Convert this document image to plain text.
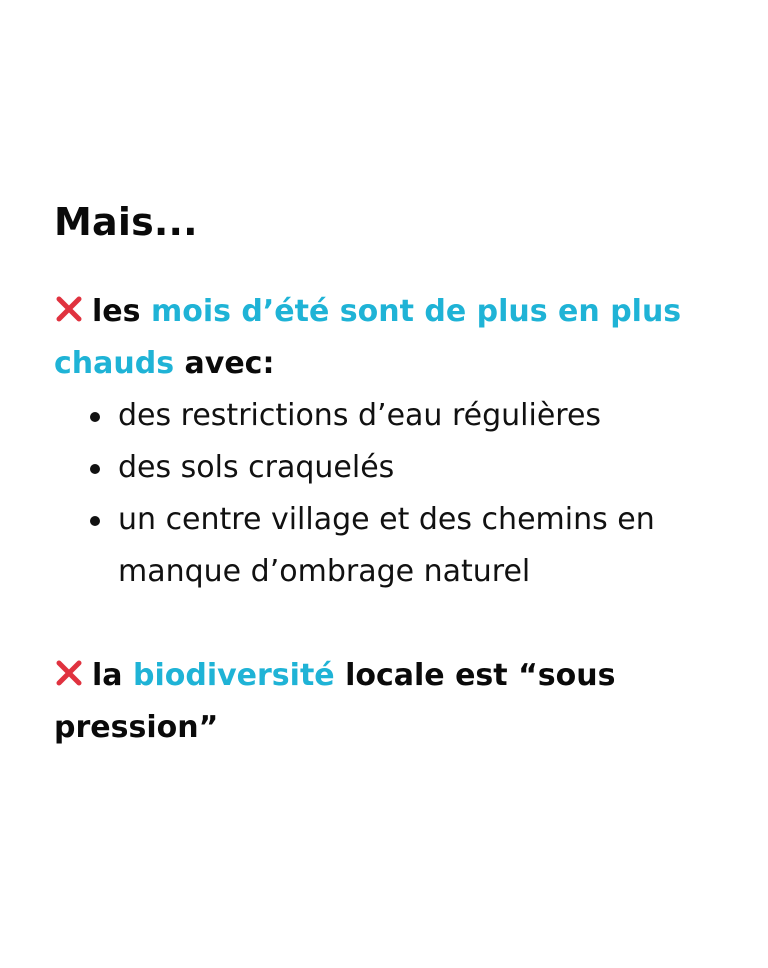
Mais...

les mois d’été sont de plus en plus chauds avec:

des restrictions d’eau régulières
des sols craquelés
un centre village et des chemins en manque d’ombrage naturel

la biodiversité locale est “sous pression”
